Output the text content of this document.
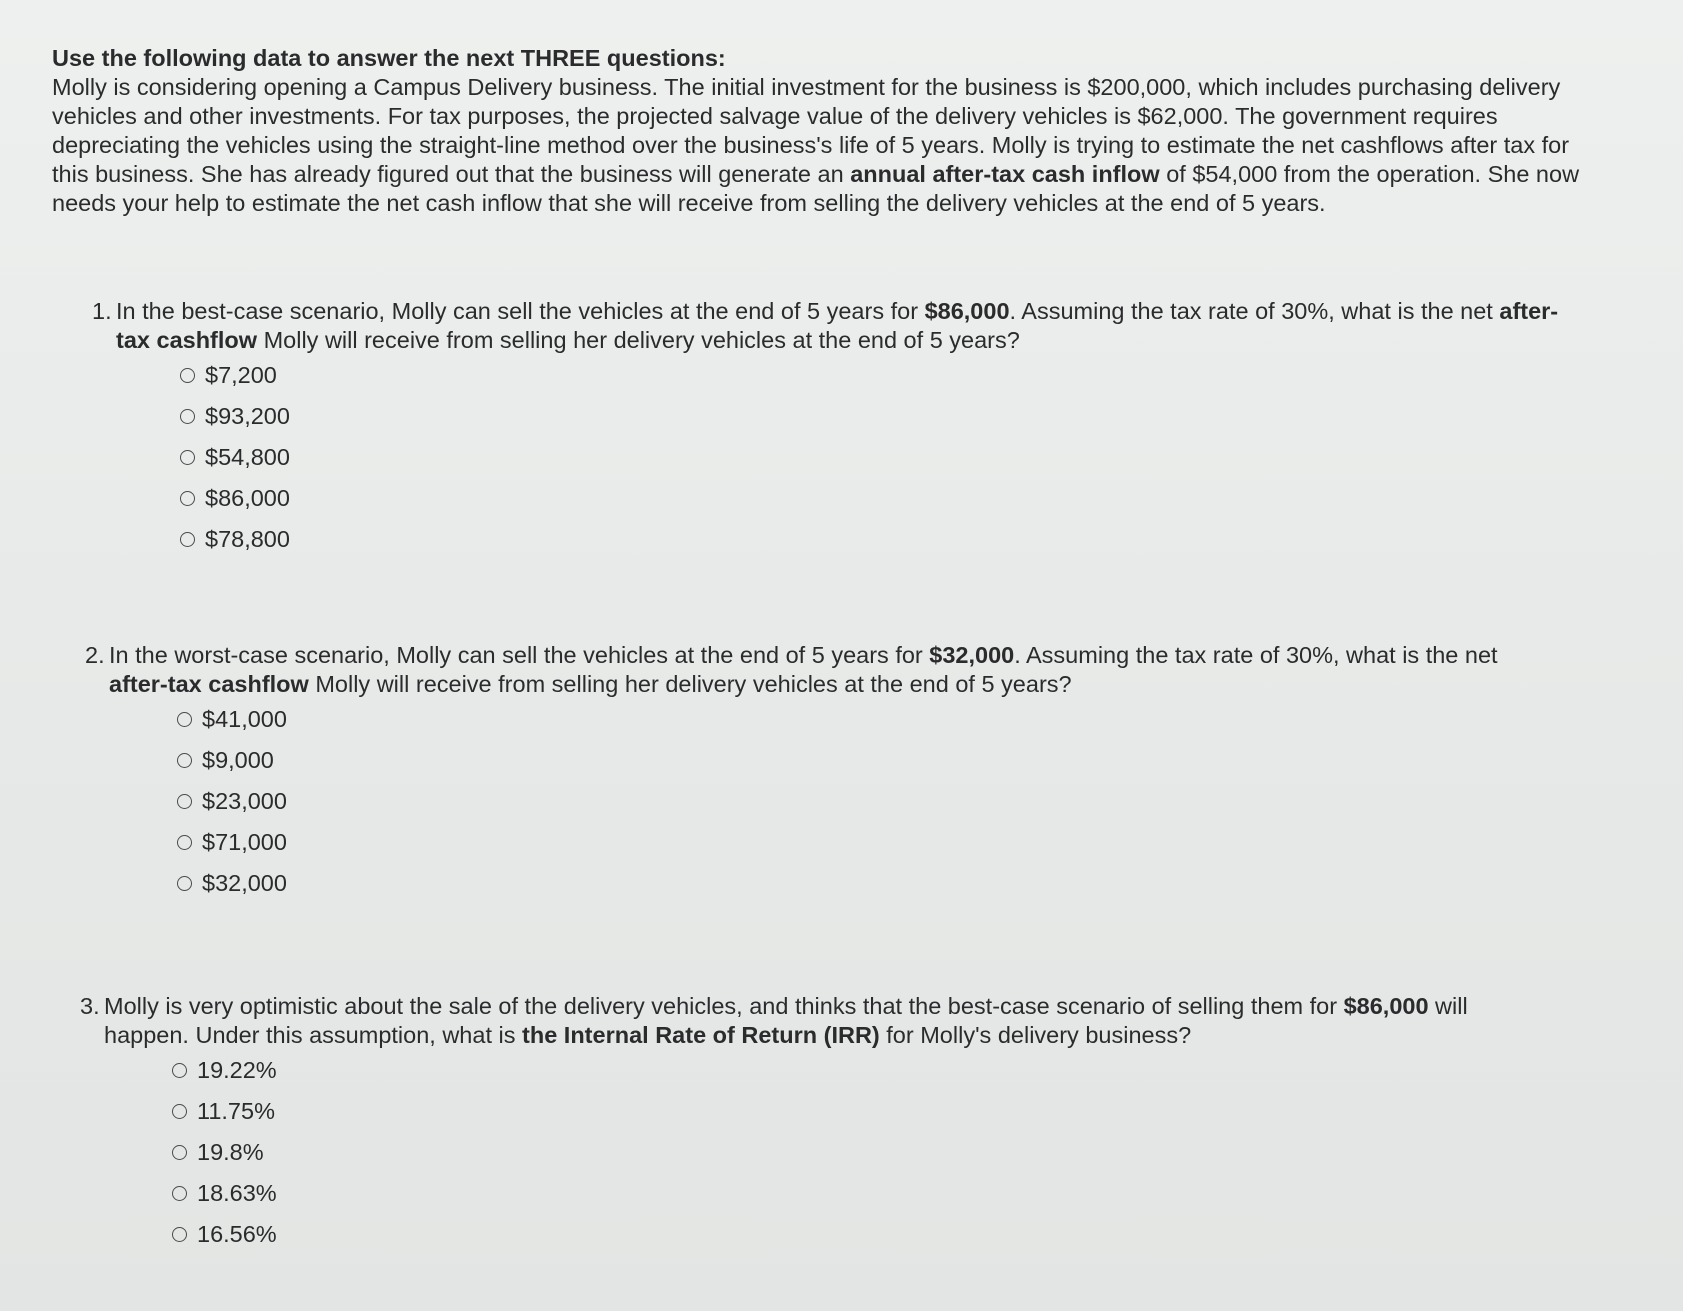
Use the following data to answer the next THREE questions:

Molly is considering opening a Campus Delivery business. The initial investment for the business is $200,000, which includes purchasing delivery vehicles and other investments. For tax purposes, the projected salvage value of the delivery vehicles is $62,000. The government requires depreciating the vehicles using the straight-line method over the business's life of 5 years. Molly is trying to estimate the net cashflows after tax for this business. She has already figured out that the business will generate an annual after-tax cash inflow of $54,000 from the operation. She now needs your help to estimate the net cash inflow that she will receive from selling the delivery vehicles at the end of 5 years.

1. In the best-case scenario, Molly can sell the vehicles at the end of 5 years for $86,000. Assuming the tax rate of 30%, what is the net after-tax cashflow Molly will receive from selling her delivery vehicles at the end of 5 years?
$7,200
$93,200
$54,800
$86,000
$78,800
2. In the worst-case scenario, Molly can sell the vehicles at the end of 5 years for $32,000. Assuming the tax rate of 30%, what is the net after-tax cashflow Molly will receive from selling her delivery vehicles at the end of 5 years?
$41,000
$9,000
$23,000
$71,000
$32,000
3. Molly is very optimistic about the sale of the delivery vehicles, and thinks that the best-case scenario of selling them for $86,000 will happen. Under this assumption, what is the Internal Rate of Return (IRR) for Molly's delivery business?
19.22%
11.75%
19.8%
18.63%
16.56%
